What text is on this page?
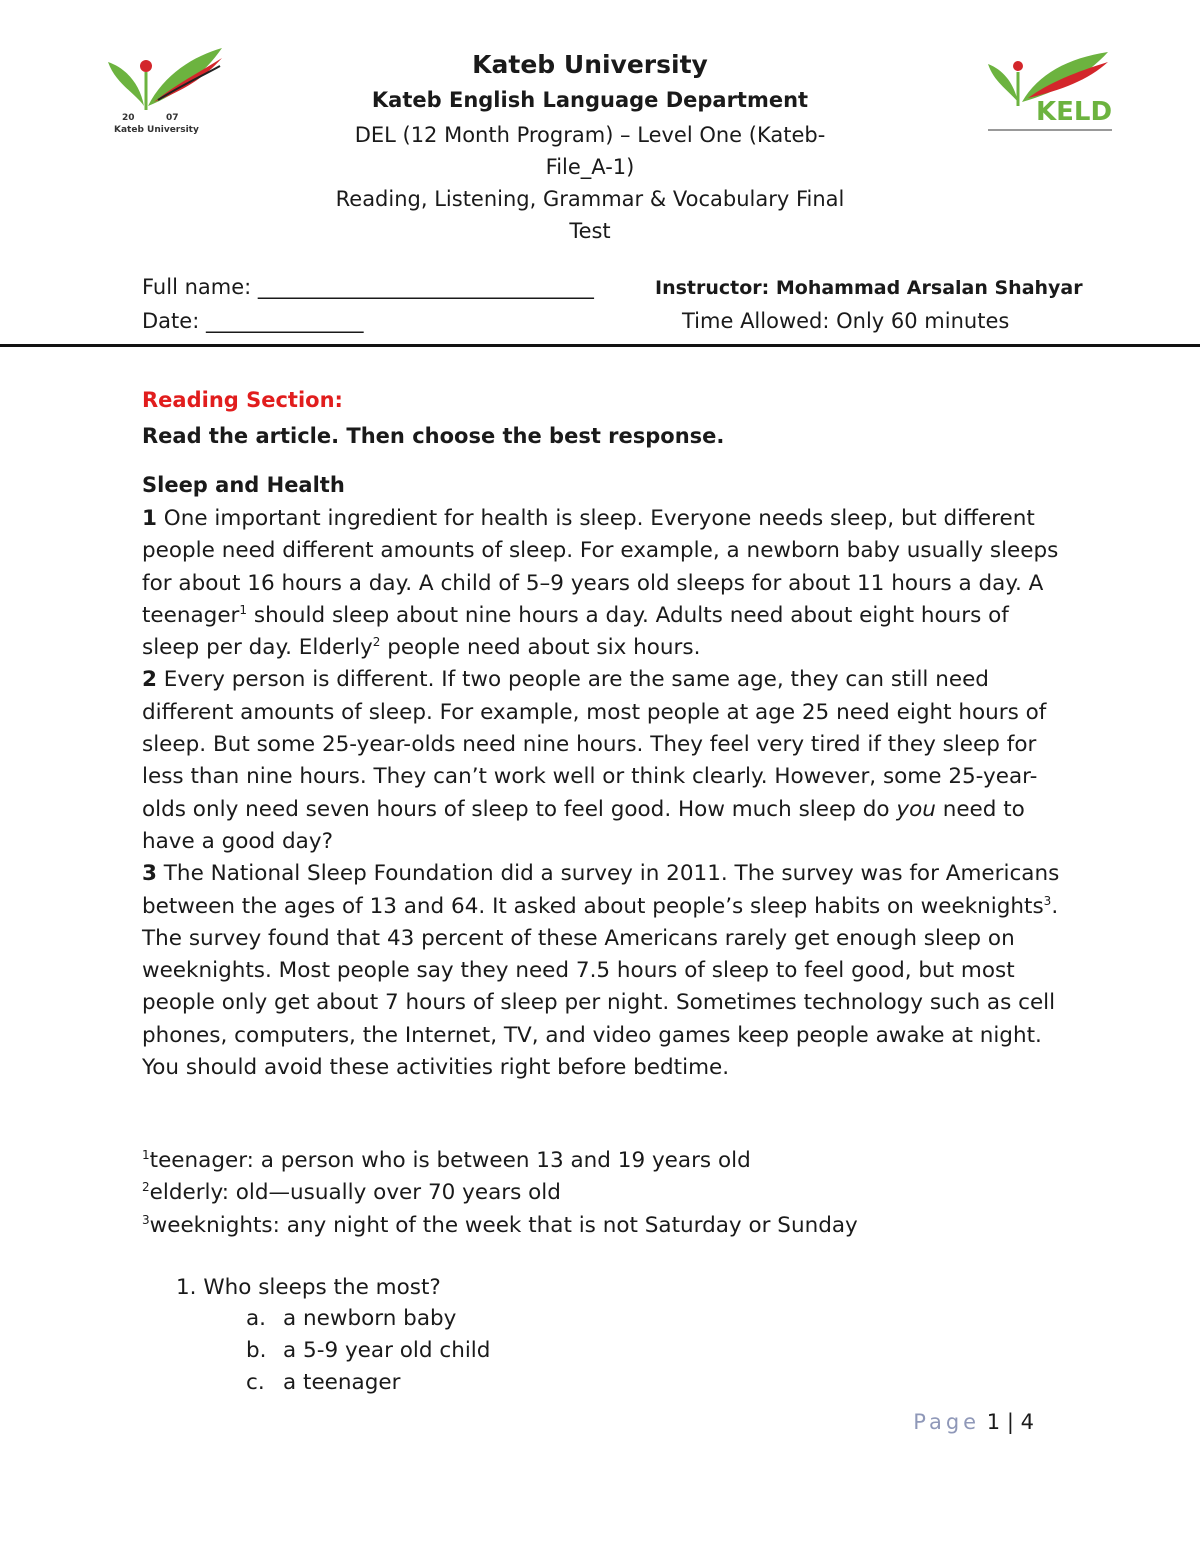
20	07
Kateb University
KELD
Kateb University
Kateb English Language Department
DEL (12 Month Program) – Level One (Kateb-
File_A-1)
Reading, Listening, Grammar & Vocabulary Final
Test
Full name: ________________________________
Date: _______________
Instructor: Mohammad Arsalan Shahyar
Time Allowed: Only 60 minutes
Reading Section:
Read the article. Then choose the best response.
Sleep and Health

1 One important ingredient for health is sleep. Everyone needs sleep, but different people need different amounts of sleep. For example, a newborn baby usually sleeps for about 16 hours a day. A child of 5–9 years old sleeps for about 11 hours a day. A teenager$^1$ should sleep about nine hours a day. Adults need about eight hours of sleep per day. Elderly$^2$ people need about six hours.

2 Every person is different. If two people are the same age, they can still need different amounts of sleep. For example, most people at age 25 need eight hours of sleep. But some 25-year-olds need nine hours. They feel very tired if they sleep for less than nine hours. They can’t work well or think clearly. However, some 25-year-olds only need seven hours of sleep to feel good. How much sleep do you need to have a good day?

3 The National Sleep Foundation did a survey in 2011. The survey was for Americans between the ages of 13 and 64. It asked about people’s sleep habits on weeknights$^3$. The survey found that 43 percent of these Americans rarely get enough sleep on weeknights. Most people say they need 7.5 hours of sleep to feel good, but most people only get about 7 hours of sleep per night. Sometimes technology such as cell phones, computers, the Internet, TV, and video games keep people awake at night. You should avoid these activities right before bedtime.

$^1$teenager: a person who is between 13 and 19 years old
$^2$elderly: old—usually over 70 years old
$^3$weeknights: any night of the week that is not Saturday or Sunday
1. Who sleeps the most?
a. a newborn baby
b. a 5-9 year old child
c. a teenager
Page 1 | 4
